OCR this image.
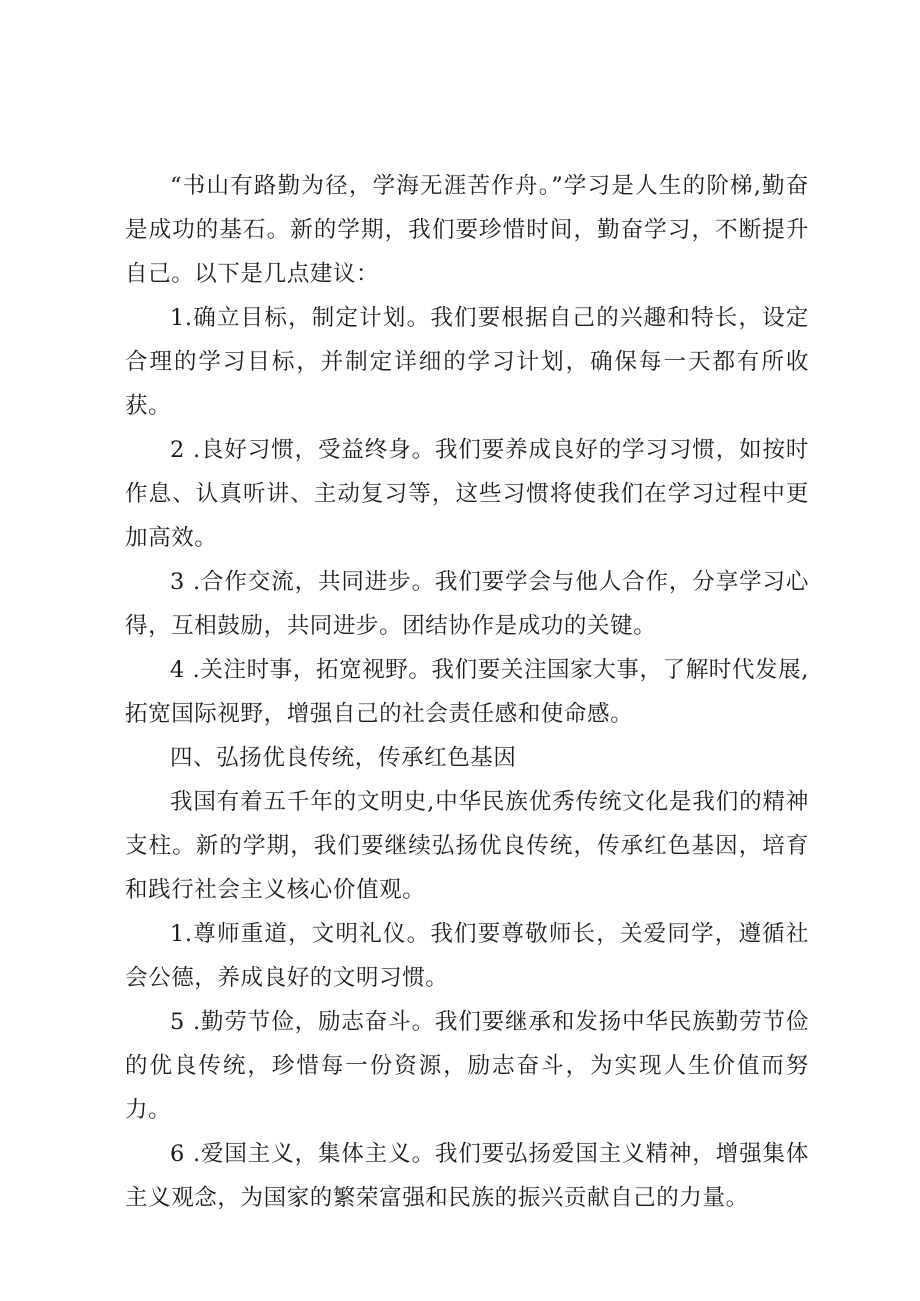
“书山有路勤为径，学海无涯苦作舟。”学习是人生的阶梯,勤奋是成功的基石。新的学期，我们要珍惜时间，勤奋学习，不断提升自己。以下是几点建议：

1.确立目标，制定计划。我们要根据自己的兴趣和特长，设定合理的学习目标，并制定详细的学习计划，确保每一天都有所收获。

2 .良好习惯，受益终身。我们要养成良好的学习习惯，如按时作息、认真听讲、主动复习等，这些习惯将使我们在学习过程中更加高效。

3 .合作交流，共同进步。我们要学会与他人合作，分享学习心得，互相鼓励，共同进步。团结协作是成功的关键。

4 .关注时事，拓宽视野。我们要关注国家大事，了解时代发展,拓宽国际视野，增强自己的社会责任感和使命感。

四、弘扬优良传统，传承红色基因

我国有着五千年的文明史,中华民族优秀传统文化是我们的精神支柱。新的学期，我们要继续弘扬优良传统，传承红色基因，培育和践行社会主义核心价值观。

1.尊师重道，文明礼仪。我们要尊敬师长，关爱同学，遵循社会公德，养成良好的文明习惯。

5 .勤劳节俭，励志奋斗。我们要继承和发扬中华民族勤劳节俭的优良传统，珍惜每一份资源，励志奋斗，为实现人生价值而努力。

6 .爱国主义，集体主义。我们要弘扬爱国主义精神，增强集体主义观念，为国家的繁荣富强和民族的振兴贡献自己的力量。
